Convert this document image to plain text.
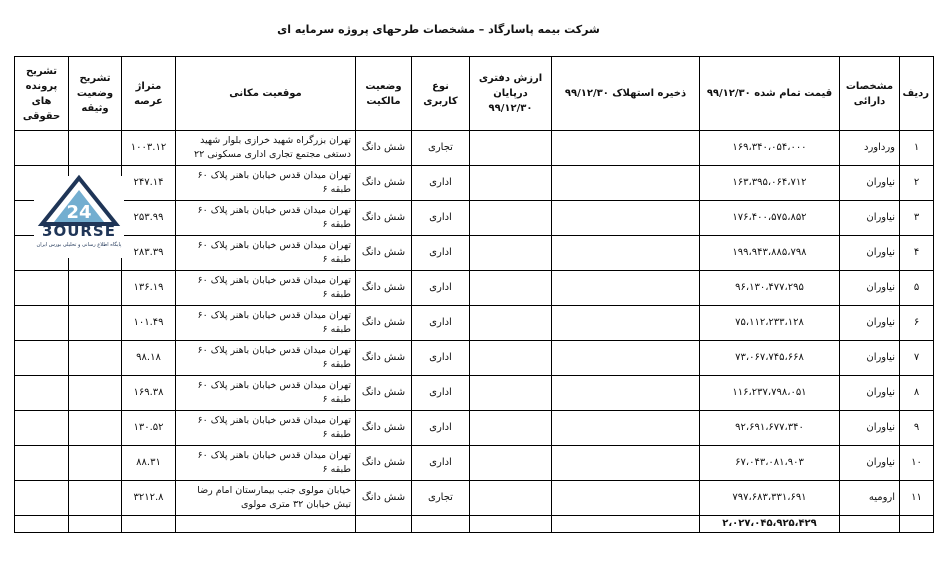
شرکت بیمه پاسارگاد – مشخصات طرحهای پروژه سرمایه ای
ردیف	مشخصات دارائی	قیمت تمام شده ۹۹/۱۲/۳۰	ذخیره استهلاک ۹۹/۱۲/۳۰	ارزش دفتری درپایان ۹۹/۱۲/۳۰	نوع کاربری	وضعیت مالکیت	موقعیت مکانی	متراژ عرصه	تشریح وضعیت وثیقه	تشریح پرونده های حقوقی
۱	ورداورد	۱۶۹،۳۴۰،۰۵۴،۰۰۰			تجاری	شش دانگ	تهران بزرگراه شهید خرازی بلوار شهید دستغی مجتمع تجاری اداری مسکونی ۲۲	۱۰۰۳.۱۲		
۲	نیاوران	۱۶۳،۳۹۵،۰۶۴،۷۱۲			اداری	شش دانگ	تهران میدان قدس خیابان باهنر پلاک ۶۰ طبقه ۶	۲۴۷.۱۴		
۳	نیاوران	۱۷۶،۴۰۰،۵۷۵،۸۵۲			اداری	شش دانگ	تهران میدان قدس خیابان باهنر پلاک ۶۰ طبقه ۶	۲۵۳.۹۹		
۴	نیاوران	۱۹۹،۹۴۳،۸۸۵،۷۹۸			اداری	شش دانگ	تهران میدان قدس خیابان باهنر پلاک ۶۰ طبقه ۶	۲۸۳.۳۹		
۵	نیاوران	۹۶،۱۳۰،۴۷۷،۲۹۵			اداری	شش دانگ	تهران میدان قدس خیابان باهنر پلاک ۶۰ طبقه ۶	۱۳۶.۱۹		
۶	نیاوران	۷۵،۱۱۲،۲۳۳،۱۲۸			اداری	شش دانگ	تهران میدان قدس خیابان باهنر پلاک ۶۰ طبقه ۶	۱۰۱.۴۹		
۷	نیاوران	۷۳،۰۶۷،۷۴۵،۶۶۸			اداری	شش دانگ	تهران میدان قدس خیابان باهنر پلاک ۶۰ طبقه ۶	۹۸.۱۸		
۸	نیاوران	۱۱۶،۲۳۷،۷۹۸،۰۵۱			اداری	شش دانگ	تهران میدان قدس خیابان باهنر پلاک ۶۰ طبقه ۶	۱۶۹.۳۸		
۹	نیاوران	۹۲،۶۹۱،۶۷۷،۳۴۰			اداری	شش دانگ	تهران میدان قدس خیابان باهنر پلاک ۶۰ طبقه ۶	۱۳۰.۵۲		
۱۰	نیاوران	۶۷،۰۴۳،۰۸۱،۹۰۳			اداری	شش دانگ	تهران میدان قدس خیابان باهنر پلاک ۶۰ طبقه ۶	۸۸.۳۱		
۱۱	ارومیه	۷۹۷،۶۸۳،۳۳۱،۶۹۱			تجاری	شش دانگ	خیابان مولوی جنب بیمارستان امام رضا تیش خیابان ۳۲ متری مولوی	۳۲۱۲.۸		
		۲،۰۲۷،۰۴۵،۹۲۵،۴۲۹								
24
3OURSE
پایگاه اطلاع رسانی و تحلیلی بورس ایران
